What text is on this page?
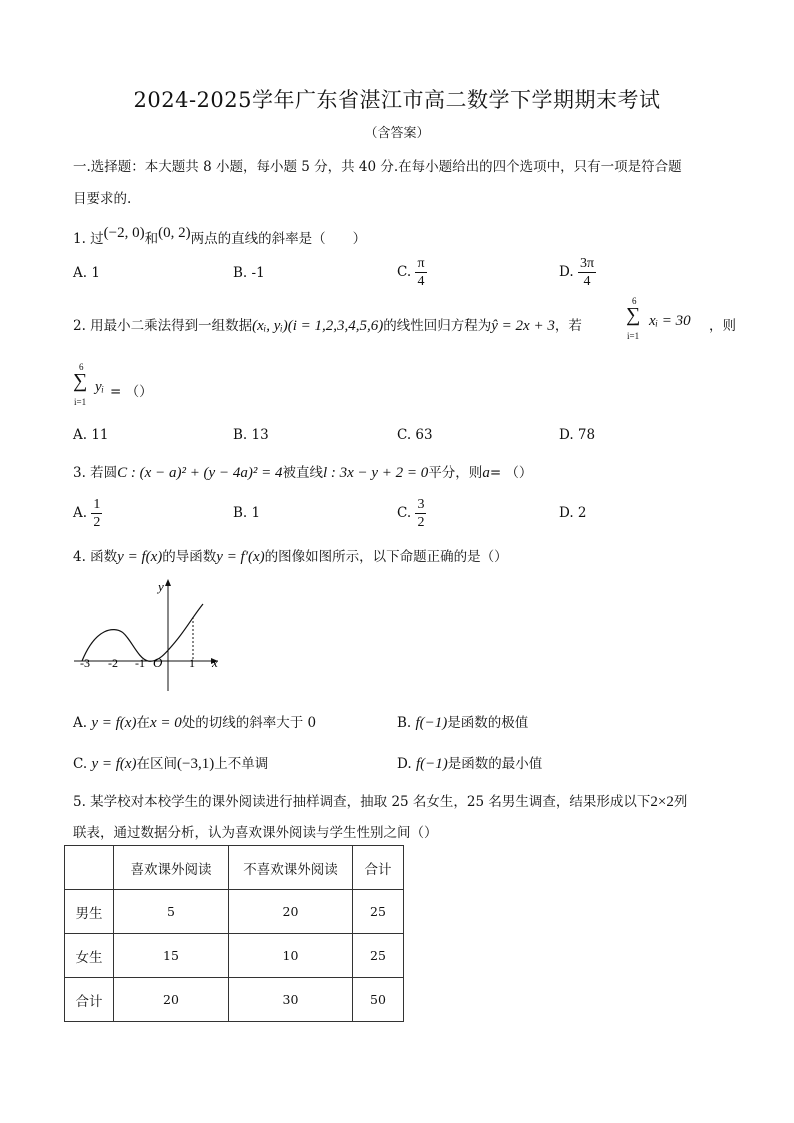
2024-2025学年广东省湛江市高二数学下学期期末考试
（含答案）
一.选择题：本大题共 8 小题，每小题 5 分，共 40 分.在每小题给出的四个选项中，只有一项是符合题
目要求的.
1. 过(−2, 0)和(0, 2)两点的直线的斜率是（　　）
A. 1	B. -1	C. $\frac{\pi}{4}$	D. $\frac{3\pi}{4}$
2. 用最小二乘法得到一组数据(xᵢ, yᵢ)(i = 1,2,3,4,5,6)的线性回归方程为ŷ = 2x + 3，若
6
∑
i=1
xᵢ = 30 ，则
6
∑
i=1
yᵢ = （）
A. 11	B. 13	C. 63	D. 78
3. 若圆C : (x − a)² + (y − 4a)² = 4被直线l : 3x − y + 2 = 0平分，则a= （）
A. $\frac{1}{2}$	B. 1	C. $\frac{3}{2}$	D. 2
4. 函数y = f(x)的导函数y = f′(x)的图像如图所示，以下命题正确的是（）
y
x
O
-3 -2 -1	1
A. y = f(x)在x = 0处的切线的斜率大于 0	B. f(−1)是函数的极值
C. y = f(x)在区间(−3,1)上不单调	D. f(−1)是函数的最小值
5. 某学校对本校学生的课外阅读进行抽样调查，抽取 25 名女生，25 名男生调查，结果形成以下2×2列
联表，通过数据分析，认为喜欢课外阅读与学生性别之间（）
	喜欢课外阅读	不喜欢课外阅读	合计
男生	5	20	25
女生	15	10	25
合计	20	30	50
